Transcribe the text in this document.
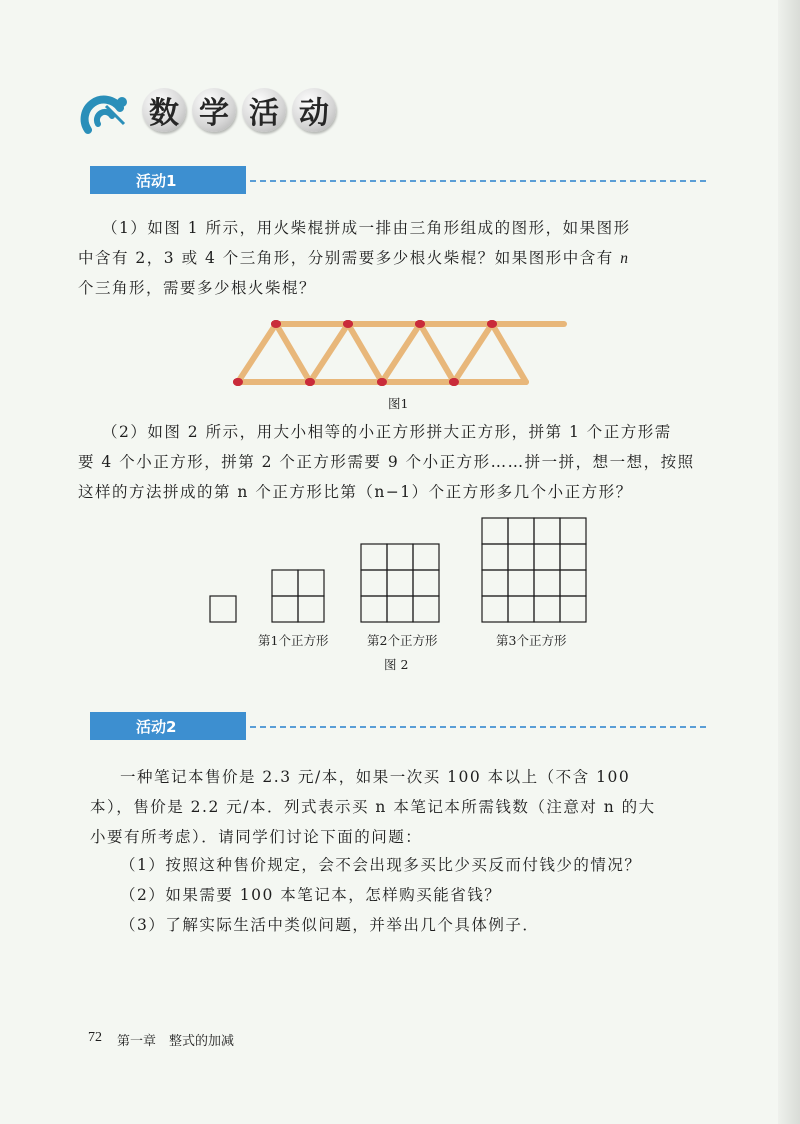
数 学 活 动
活动1

（1）如图 1 所示，用火柴棍拼成一排由三角形组成的图形，如果图形

中含有 2，3 或 4 个三角形，分别需要多少根火柴棍？如果图形中含有 n

个三角形，需要多少根火柴棍？

图1

（2）如图 2 所示，用大小相等的小正方形拼大正方形，拼第 1 个正方形需

要 4 个小正方形，拼第 2 个正方形需要 9 个小正方形……拼一拼，想一想，按照

这样的方法拼成的第 n 个正方形比第（n−1）个正方形多几个小正方形？

第1个正方形	第2个正方形	第3个正方形
图 2
活动2

一种笔记本售价是 2.3 元/本，如果一次买 100 本以上（不含 100

本），售价是 2.2 元/本．列式表示买 n 本笔记本所需钱数（注意对 n 的大

小要有所考虑）．请同学们讨论下面的问题：

（1）按照这种售价规定，会不会出现多买比少买反而付钱少的情况？

（2）如果需要 100 本笔记本，怎样购买能省钱？

（3）了解实际生活中类似问题，并举出几个具体例子．

72 第一章　整式的加减
